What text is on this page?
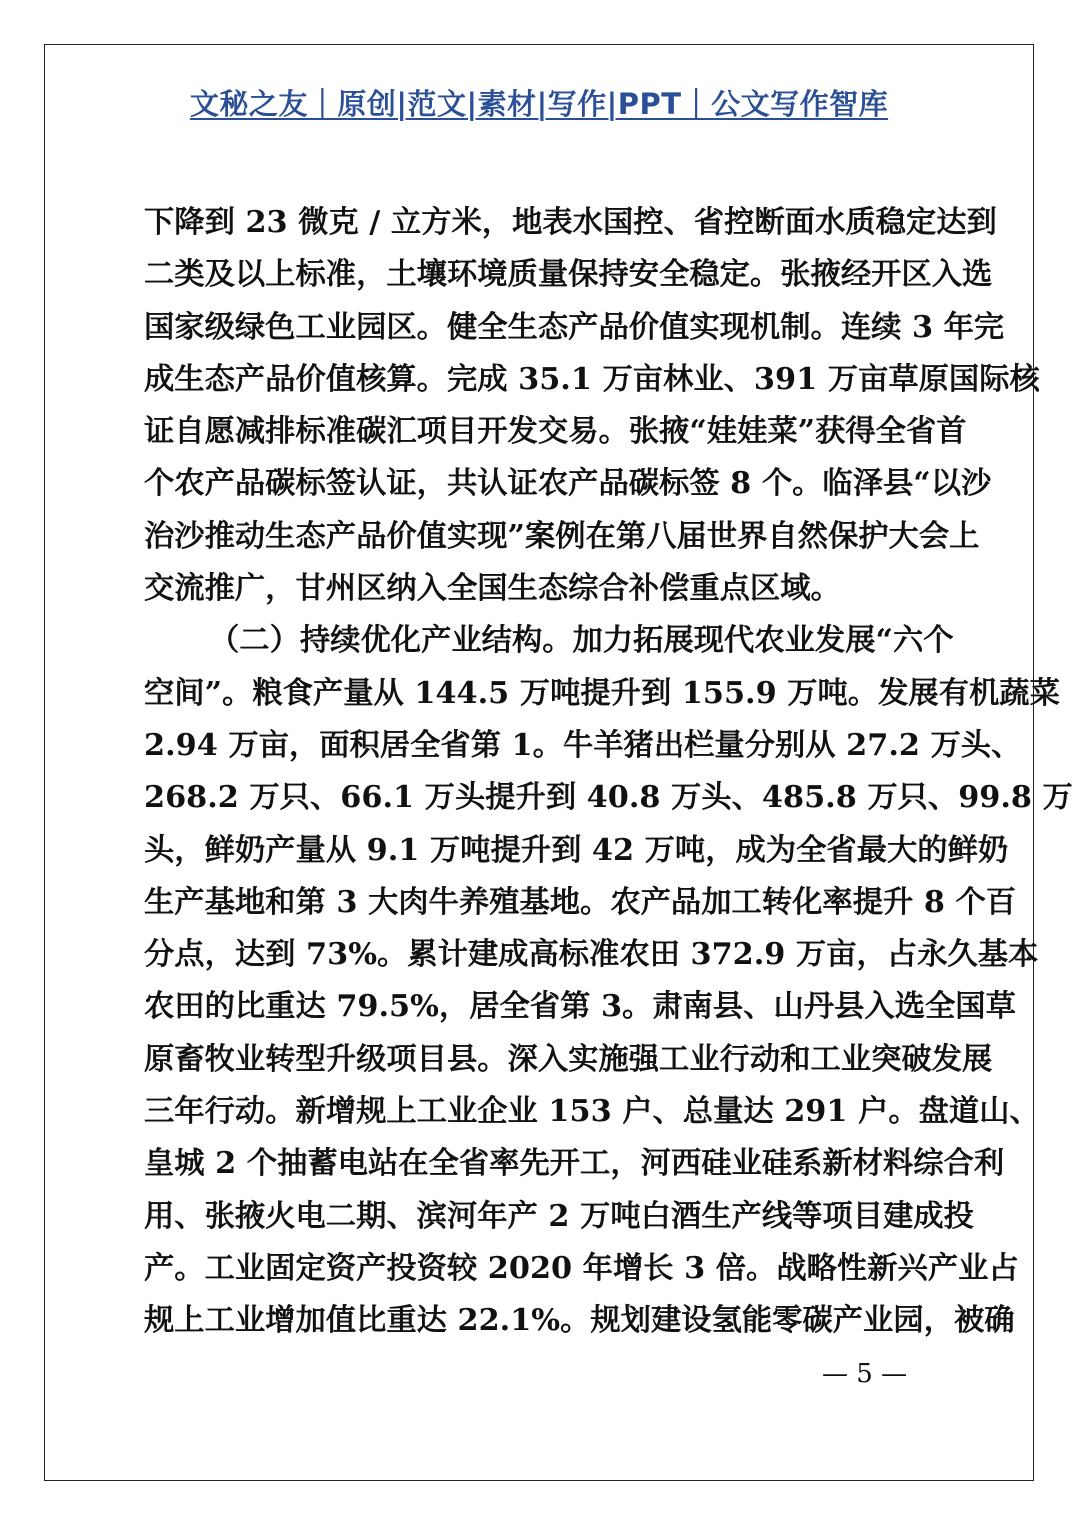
文秘之友｜原创|范文|素材|写作|PPT｜公文写作智库
下降到 23 微克 / 立方米，地表水国控、省控断面水质稳定达到
二类及以上标准，土壤环境质量保持安全稳定。张掖经开区入选
国家级绿色工业园区。健全生态产品价值实现机制。连续 3 年完
成生态产品价值核算。完成 35.1 万亩林业、391 万亩草原国际核
证自愿减排标准碳汇项目开发交易。张掖“娃娃菜”获得全省首
个农产品碳标签认证，共认证农产品碳标签 8 个。临泽县“以沙
治沙推动生态产品价值实现”案例在第八届世界自然保护大会上
交流推广，甘州区纳入全国生态综合补偿重点区域。
（二）持续优化产业结构。加力拓展现代农业发展“六个
空间”。粮食产量从 144.5 万吨提升到 155.9 万吨。发展有机蔬菜
2.94 万亩，面积居全省第 1。牛羊猪出栏量分别从 27.2 万头、
268.2 万只、66.1 万头提升到 40.8 万头、485.8 万只、99.8 万
头，鲜奶产量从 9.1 万吨提升到 42 万吨，成为全省最大的鲜奶
生产基地和第 3 大肉牛养殖基地。农产品加工转化率提升 8 个百
分点，达到 73%。累计建成高标准农田 372.9 万亩，占永久基本
农田的比重达 79.5%，居全省第 3。肃南县、山丹县入选全国草
原畜牧业转型升级项目县。深入实施强工业行动和工业突破发展
三年行动。新增规上工业企业 153 户、总量达 291 户。盘道山、
皇城 2 个抽蓄电站在全省率先开工，河西硅业硅系新材料综合利
用、张掖火电二期、滨河年产 2 万吨白酒生产线等项目建成投
产。工业固定资产投资较 2020 年增长 3 倍。战略性新兴产业占
规上工业增加值比重达 22.1%。规划建设氢能零碳产业园，被确
— 5 —
